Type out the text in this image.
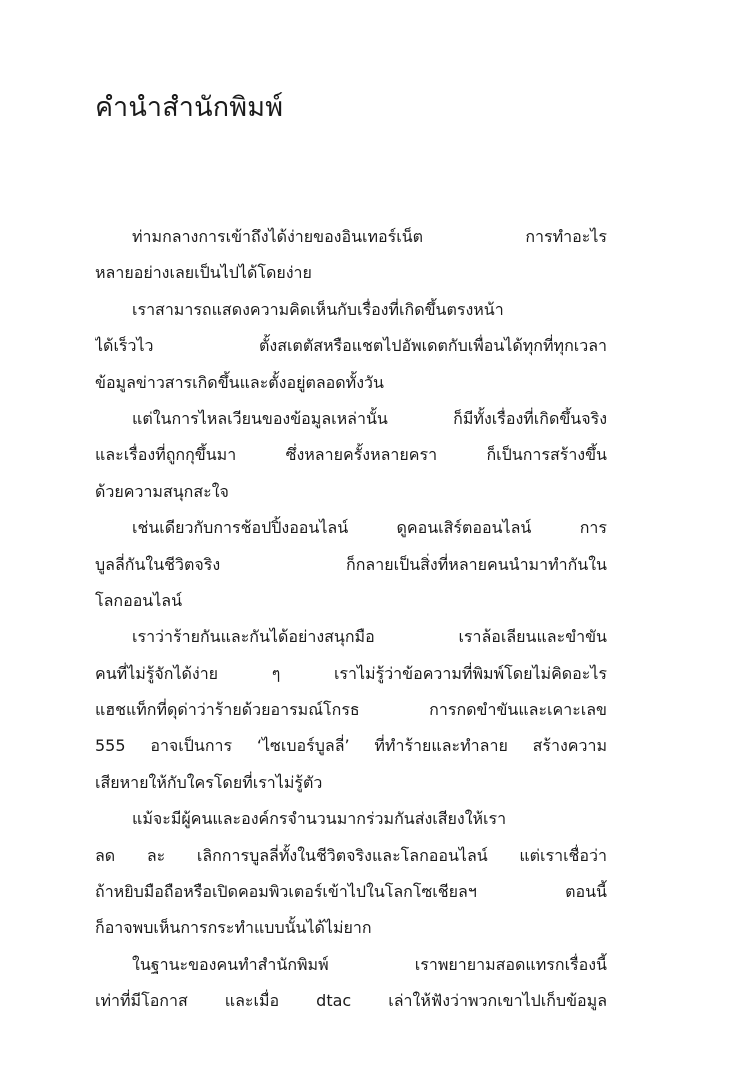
คำนำสำนักพิมพ์
ท่ามกลางการเข้าถึงได้ง่ายของอินเทอร์เน็ต การทำอะไร
หลายอย่างเลยเป็นไปได้โดยง่าย
เราสามารถแสดงความคิดเห็นกับเรื่องที่เกิดขึ้นตรงหน้า
ได้เร็วไว ตั้งสเตตัสหรือแชตไปอัพเดตกับเพื่อนได้ทุกที่ทุกเวลา
ข้อมูลข่าวสารเกิดขึ้นและตั้งอยู่ตลอดทั้งวัน
แต่ในการไหลเวียนของข้อมูลเหล่านั้น ก็มีทั้งเรื่องที่เกิดขึ้นจริง
และเรื่องที่ถูกกุขึ้นมา ซึ่งหลายครั้งหลายครา ก็เป็นการสร้างขึ้น
ด้วยความสนุกสะใจ
เช่นเดียวกับการช้อปปิ้งออนไลน์ ดูคอนเสิร์ตออนไลน์ การ
บูลลี่กันในชีวิตจริง ก็กลายเป็นสิ่งที่หลายคนนำมาทำกันใน
โลกออนไลน์
เราว่าร้ายกันและกันได้อย่างสนุกมือ เราล้อเลียนและขำขัน
คนที่ไม่รู้จักได้ง่าย ๆ เราไม่รู้ว่าข้อความที่พิมพ์โดยไม่คิดอะไร
แฮชแท็กที่ดุด่าว่าร้ายด้วยอารมณ์โกรธ การกดขำขันและเคาะเลข
555 อาจเป็นการ ‘ไซเบอร์บูลลี่’ ที่ทำร้ายและทำลาย สร้างความ
เสียหายให้กับใครโดยที่เราไม่รู้ตัว
แม้จะมีผู้คนและองค์กรจำนวนมากร่วมกันส่งเสียงให้เรา
ลด ละ เลิกการบูลลี่ทั้งในชีวิตจริงและโลกออนไลน์ แต่เราเชื่อว่า
ถ้าหยิบมือถือหรือเปิดคอมพิวเตอร์เข้าไปในโลกโซเชียลฯ ตอนนี้
ก็อาจพบเห็นการกระทำแบบนั้นได้ไม่ยาก
ในฐานะของคนทำสำนักพิมพ์ เราพยายามสอดแทรกเรื่องนี้
เท่าที่มีโอกาส และเมื่อ dtac เล่าให้ฟังว่าพวกเขาไปเก็บข้อมูล
